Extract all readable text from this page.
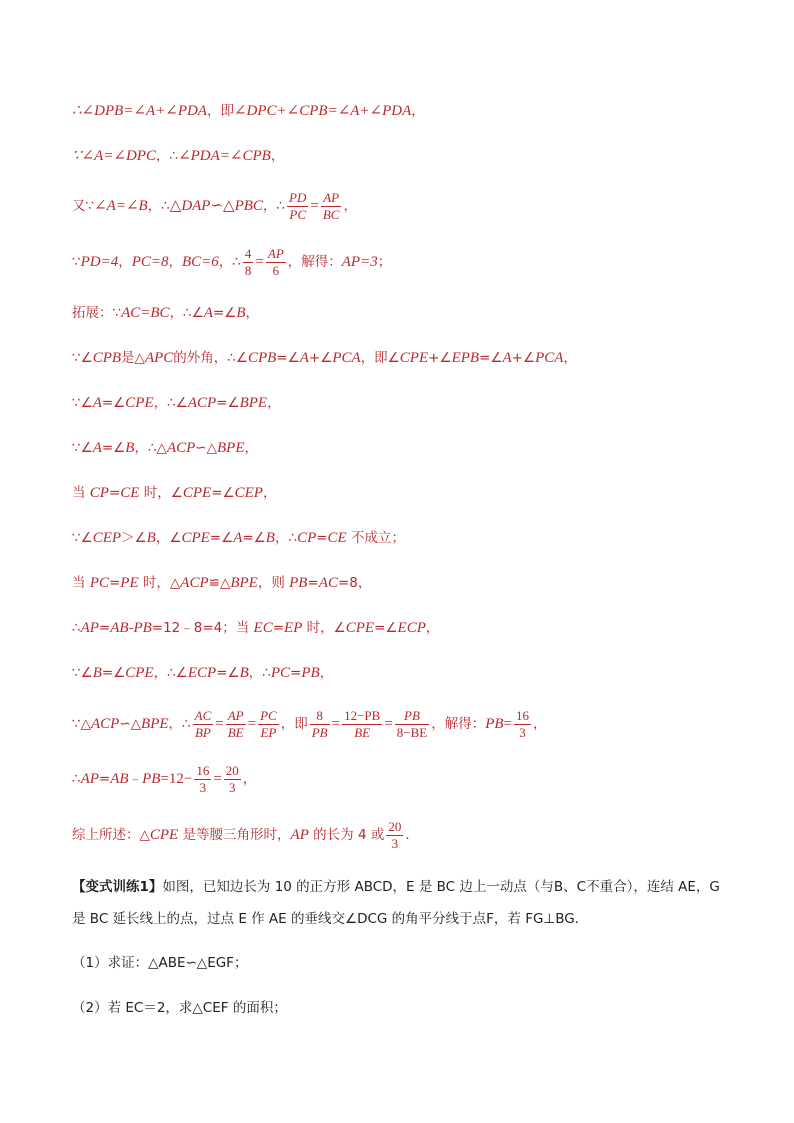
∴∠DPB=∠A+∠PDA，即∠DPC+∠CPB=∠A+∠PDA，
∵∠A=∠DPC，∴∠PDA=∠CPB，
又∵∠A=∠B，∴△DAP∽△PBC，∴ $\frac{PD}{PC} = \frac{AP}{BC}$ ，
∵PD=4，PC=8，BC=6，∴ $\frac{4}{8} = \frac{AP}{6}$ ，解得：AP=3；
拓展：∵AC=BC，∴∠A=∠B，
∵∠CPB是△APC的外角，∴∠CPB=∠A+∠PCA，即∠CPE+∠EPB=∠A+∠PCA，
∵∠A=∠CPE，∴∠ACP=∠BPE，
∵∠A=∠B，∴△ACP∽△BPE，
当 CP=CE 时，∠CPE=∠CEP，
∵∠CEP＞∠B，∠CPE=∠A=∠B，∴CP=CE 不成立；
当 PC=PE 时，△ACP≌△BPE，则 PB=AC=8，
∴AP=AB-PB=12﹣8=4；当 EC=EP 时，∠CPE=∠ECP，
∵∠B=∠CPE，∴∠ECP=∠B，∴PC=PB，
∵△ACP∽△BPE，∴ $\frac{AC}{BP} = \frac{AP}{BE} = \frac{PC}{EP}$ ，即 $\frac{8}{PB} = \frac{12-PB}{BE} = \frac{PB}{8-BE}$ ，解得：$PB= \frac{16}{3}$ ，
∴AP=AB﹣PB=12− $\frac{16}{3} = \frac{20}{3}$ ，
综上所述：△CPE 是等腰三角形时，AP 的长为 4 或 $\frac{20}{3}$ ．
【变式训练1】如图，已知边长为 10 的正方形 ABCD，E 是 BC 边上一动点（与B、C不重合），连结 AE，G
是 BC 延长线上的点，过点 E 作 AE 的垂线交∠DCG 的角平分线于点F，若 FG⊥BG．
（1）求证：△ABE∽△EGF；
（2）若 EC＝2，求△CEF 的面积；
